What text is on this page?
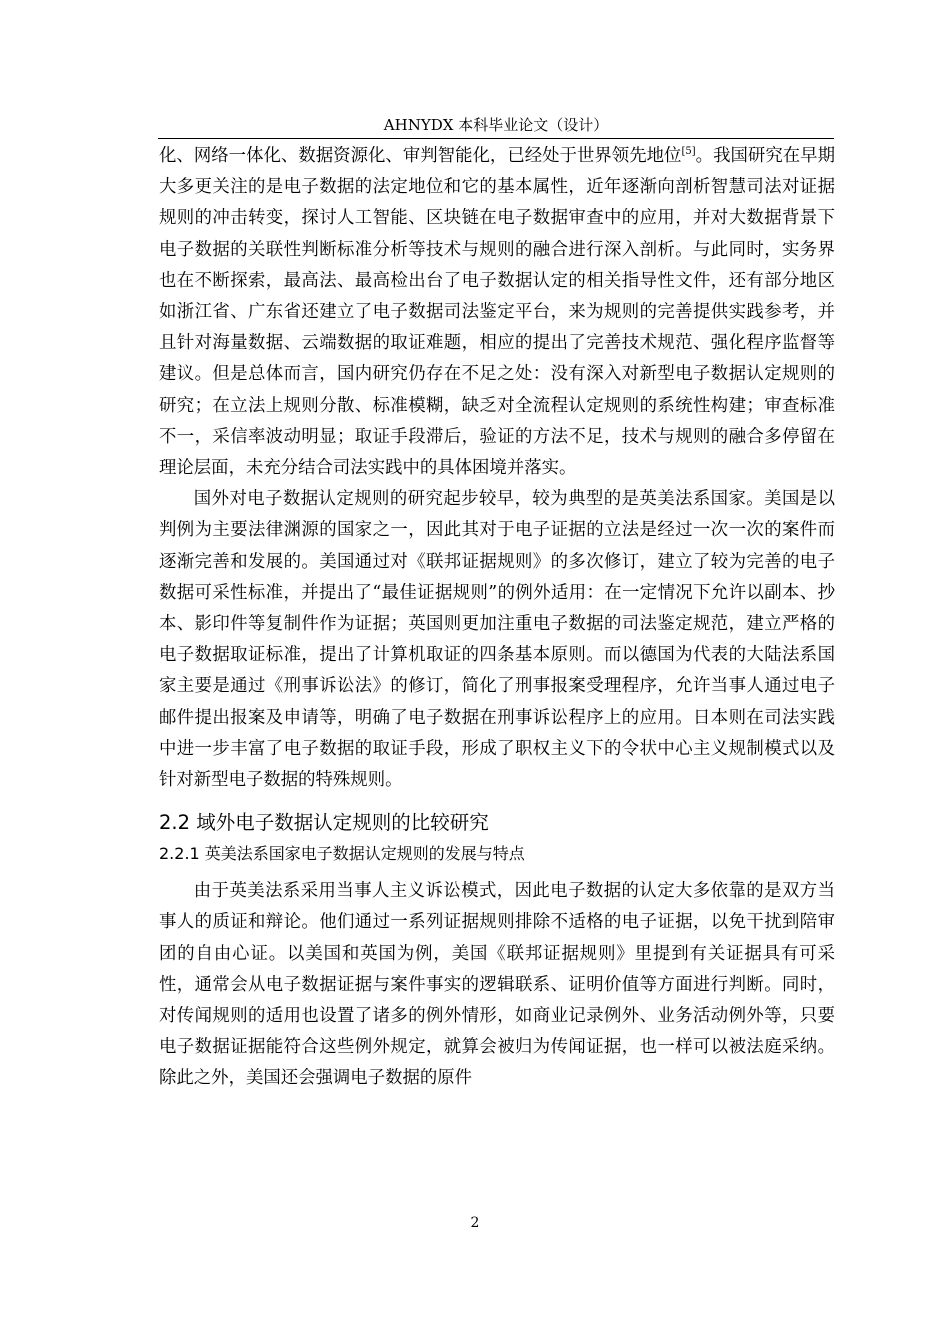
AHNYDX 本科毕业论文（设计）

化、网络一体化、数据资源化、审判智能化，已经处于世界领先地位[5]。我国研究在早期大多更关注的是电子数据的法定地位和它的基本属性，近年逐渐向剖析智慧司法对证据规则的冲击转变，探讨人工智能、区块链在电子数据审查中的应用，并对大数据背景下电子数据的关联性判断标准分析等技术与规则的融合进行深入剖析。与此同时，实务界也在不断探索，最高法、最高检出台了电子数据认定的相关指导性文件，还有部分地区如浙江省、广东省还建立了电子数据司法鉴定平台，来为规则的完善提供实践参考，并且针对海量数据、云端数据的取证难题，相应的提出了完善技术规范、强化程序监督等建议。但是总体而言，国内研究仍存在不足之处：没有深入对新型电子数据认定规则的研究；在立法上规则分散、标准模糊，缺乏对全流程认定规则的系统性构建；审查标准不一，采信率波动明显；取证手段滞后，验证的方法不足，技术与规则的融合多停留在理论层面，未充分结合司法实践中的具体困境并落实。

国外对电子数据认定规则的研究起步较早，较为典型的是英美法系国家。美国是以判例为主要法律渊源的国家之一，因此其对于电子证据的立法是经过一次一次的案件而逐渐完善和发展的。美国通过对《联邦证据规则》的多次修订，建立了较为完善的电子数据可采性标准，并提出了“最佳证据规则”的例外适用：在一定情况下允许以副本、抄本、影印件等复制件作为证据；英国则更加注重电子数据的司法鉴定规范，建立严格的电子数据取证标准，提出了计算机取证的四条基本原则。而以德国为代表的大陆法系国家主要是通过《刑事诉讼法》的修订，简化了刑事报案受理程序，允许当事人通过电子邮件提出报案及申请等，明确了电子数据在刑事诉讼程序上的应用。日本则在司法实践中进一步丰富了电子数据的取证手段，形成了职权主义下的令状中心主义规制模式以及针对新型电子数据的特殊规则。

2.2 域外电子数据认定规则的比较研究
2.2.1 英美法系国家电子数据认定规则的发展与特点

由于英美法系采用当事人主义诉讼模式，因此电子数据的认定大多依靠的是双方当事人的质证和辩论。他们通过一系列证据规则排除不适格的电子证据，以免干扰到陪审团的自由心证。以美国和英国为例，美国《联邦证据规则》里提到有关证据具有可采性，通常会从电子数据证据与案件事实的逻辑联系、证明价值等方面进行判断。同时，对传闻规则的适用也设置了诸多的例外情形，如商业记录例外、业务活动例外等，只要电子数据证据能符合这些例外规定，就算会被归为传闻证据，也一样可以被法庭采纳。除此之外，美国还会强调电子数据的原件

2
